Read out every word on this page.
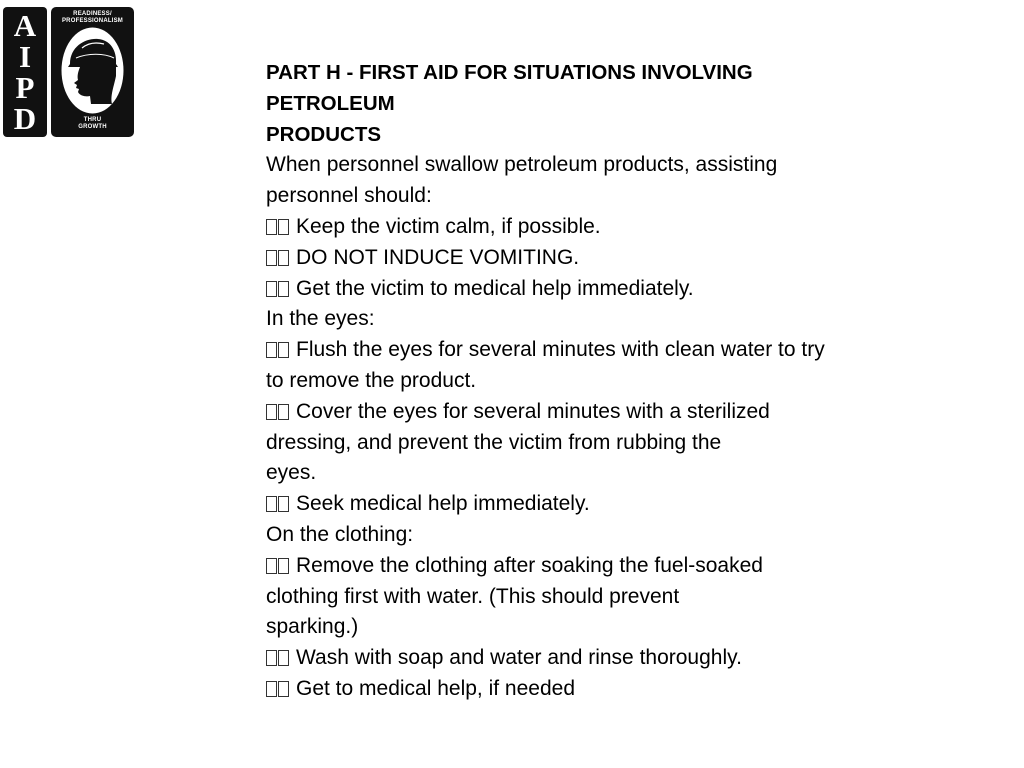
A
I
P
D
READINESS/
PROFESSIONALISM
THRU
GROWTH
PART H - FIRST AID FOR SITUATIONS INVOLVING
PETROLEUM
PRODUCTS
When personnel swallow petroleum products, assisting
personnel should:
Keep the victim calm, if possible.
DO NOT INDUCE VOMITING.
Get the victim to medical help immediately.
In the eyes:
Flush the eyes for several minutes with clean water to try
to remove the product.
Cover the eyes for several minutes with a sterilized
dressing, and prevent the victim from rubbing the
eyes.
Seek medical help immediately.
On the clothing:
Remove the clothing after soaking the fuel-soaked
clothing first with water. (This should prevent
sparking.)
Wash with soap and water and rinse thoroughly.
Get to medical help, if needed
